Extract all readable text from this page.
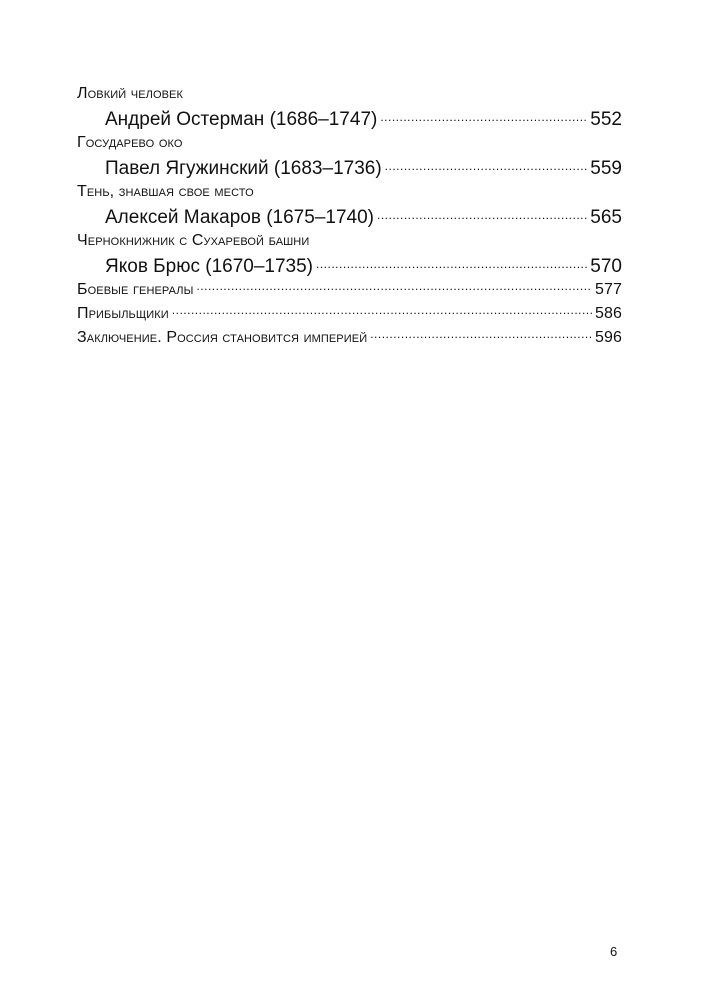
Ловкий человек
Андрей Остерман (1686–1747) .....	552
Государево око
Павел Ягужинский (1683–1736) .....	559
Тень, знавшая свое место
Алексей Макаров (1675–1740) .....	565
Чернокнижник с Сухаревой башни
Яков Брюс (1670–1735) .....	570
Боевые генералы .....	577
Прибыльщики .....	586
Заключение. Россия становится империей .....	596
6
